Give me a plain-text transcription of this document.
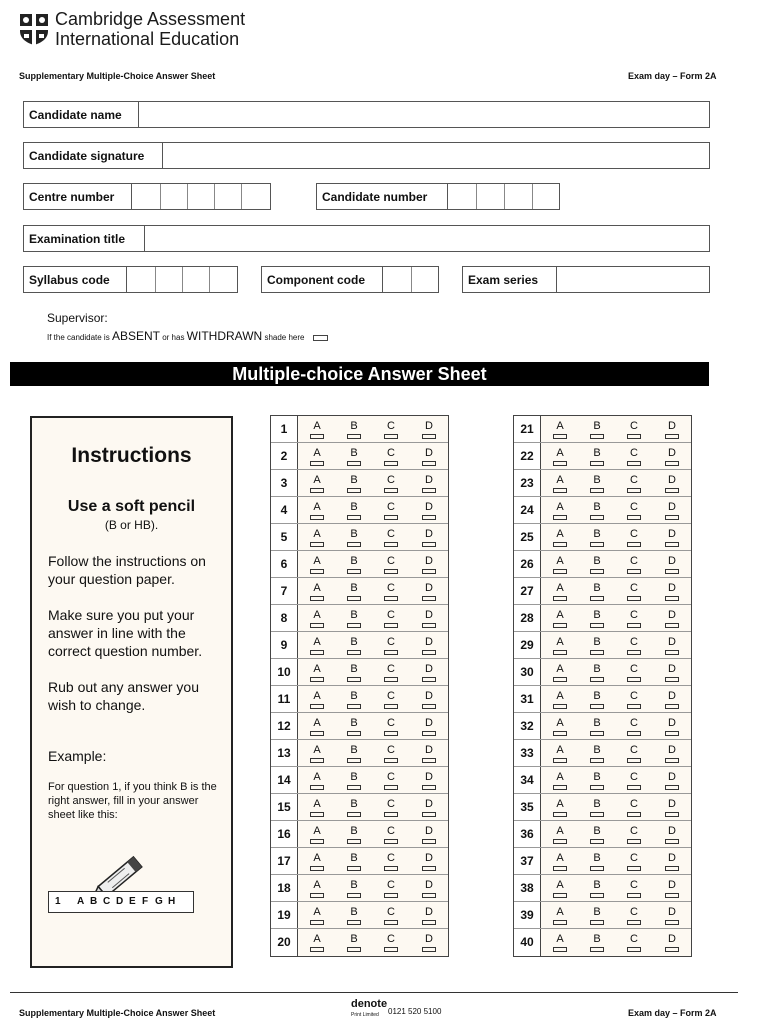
Cambridge Assessment
International Education
Supplementary Multiple-Choice Answer Sheet	Exam day – Form 2A
Candidate name
Candidate signature
Centre number	Candidate number
Examination title
Syllabus code	Component code	Exam series
Supervisor:
If the candidate is ABSENT or has WITHDRAWN shade here
Multiple-choice Answer Sheet
Instructions
Use a soft pencil
(B or HB).
Follow the instructions on your question paper.
Make sure you put your answer in line with the correct question number.
Rub out any answer you wish to change.
Example:
For question 1, if you think B is the right answer, fill in your answer sheet like this:
1 A B C D E F G H
1	A	B	C	D
2	A	B	C	D
3	A	B	C	D
4	A	B	C	D
5	A	B	C	D
6	A	B	C	D
7	A	B	C	D
8	A	B	C	D
9	A	B	C	D
10	A	B	C	D
11	A	B	C	D
12	A	B	C	D
13	A	B	C	D
14	A	B	C	D
15	A	B	C	D
16	A	B	C	D
17	A	B	C	D
18	A	B	C	D
19	A	B	C	D
20	A	B	C	D
21	A	B	C	D
22	A	B	C	D
23	A	B	C	D
24	A	B	C	D
25	A	B	C	D
26	A	B	C	D
27	A	B	C	D
28	A	B	C	D
29	A	B	C	D
30	A	B	C	D
31	A	B	C	D
32	A	B	C	D
33	A	B	C	D
34	A	B	C	D
35	A	B	C	D
36	A	B	C	D
37	A	B	C	D
38	A	B	C	D
39	A	B	C	D
40	A	B	C	D
Supplementary Multiple-Choice Answer Sheet
denote
Print Limited	0121 520 5100	Exam day – Form 2A
